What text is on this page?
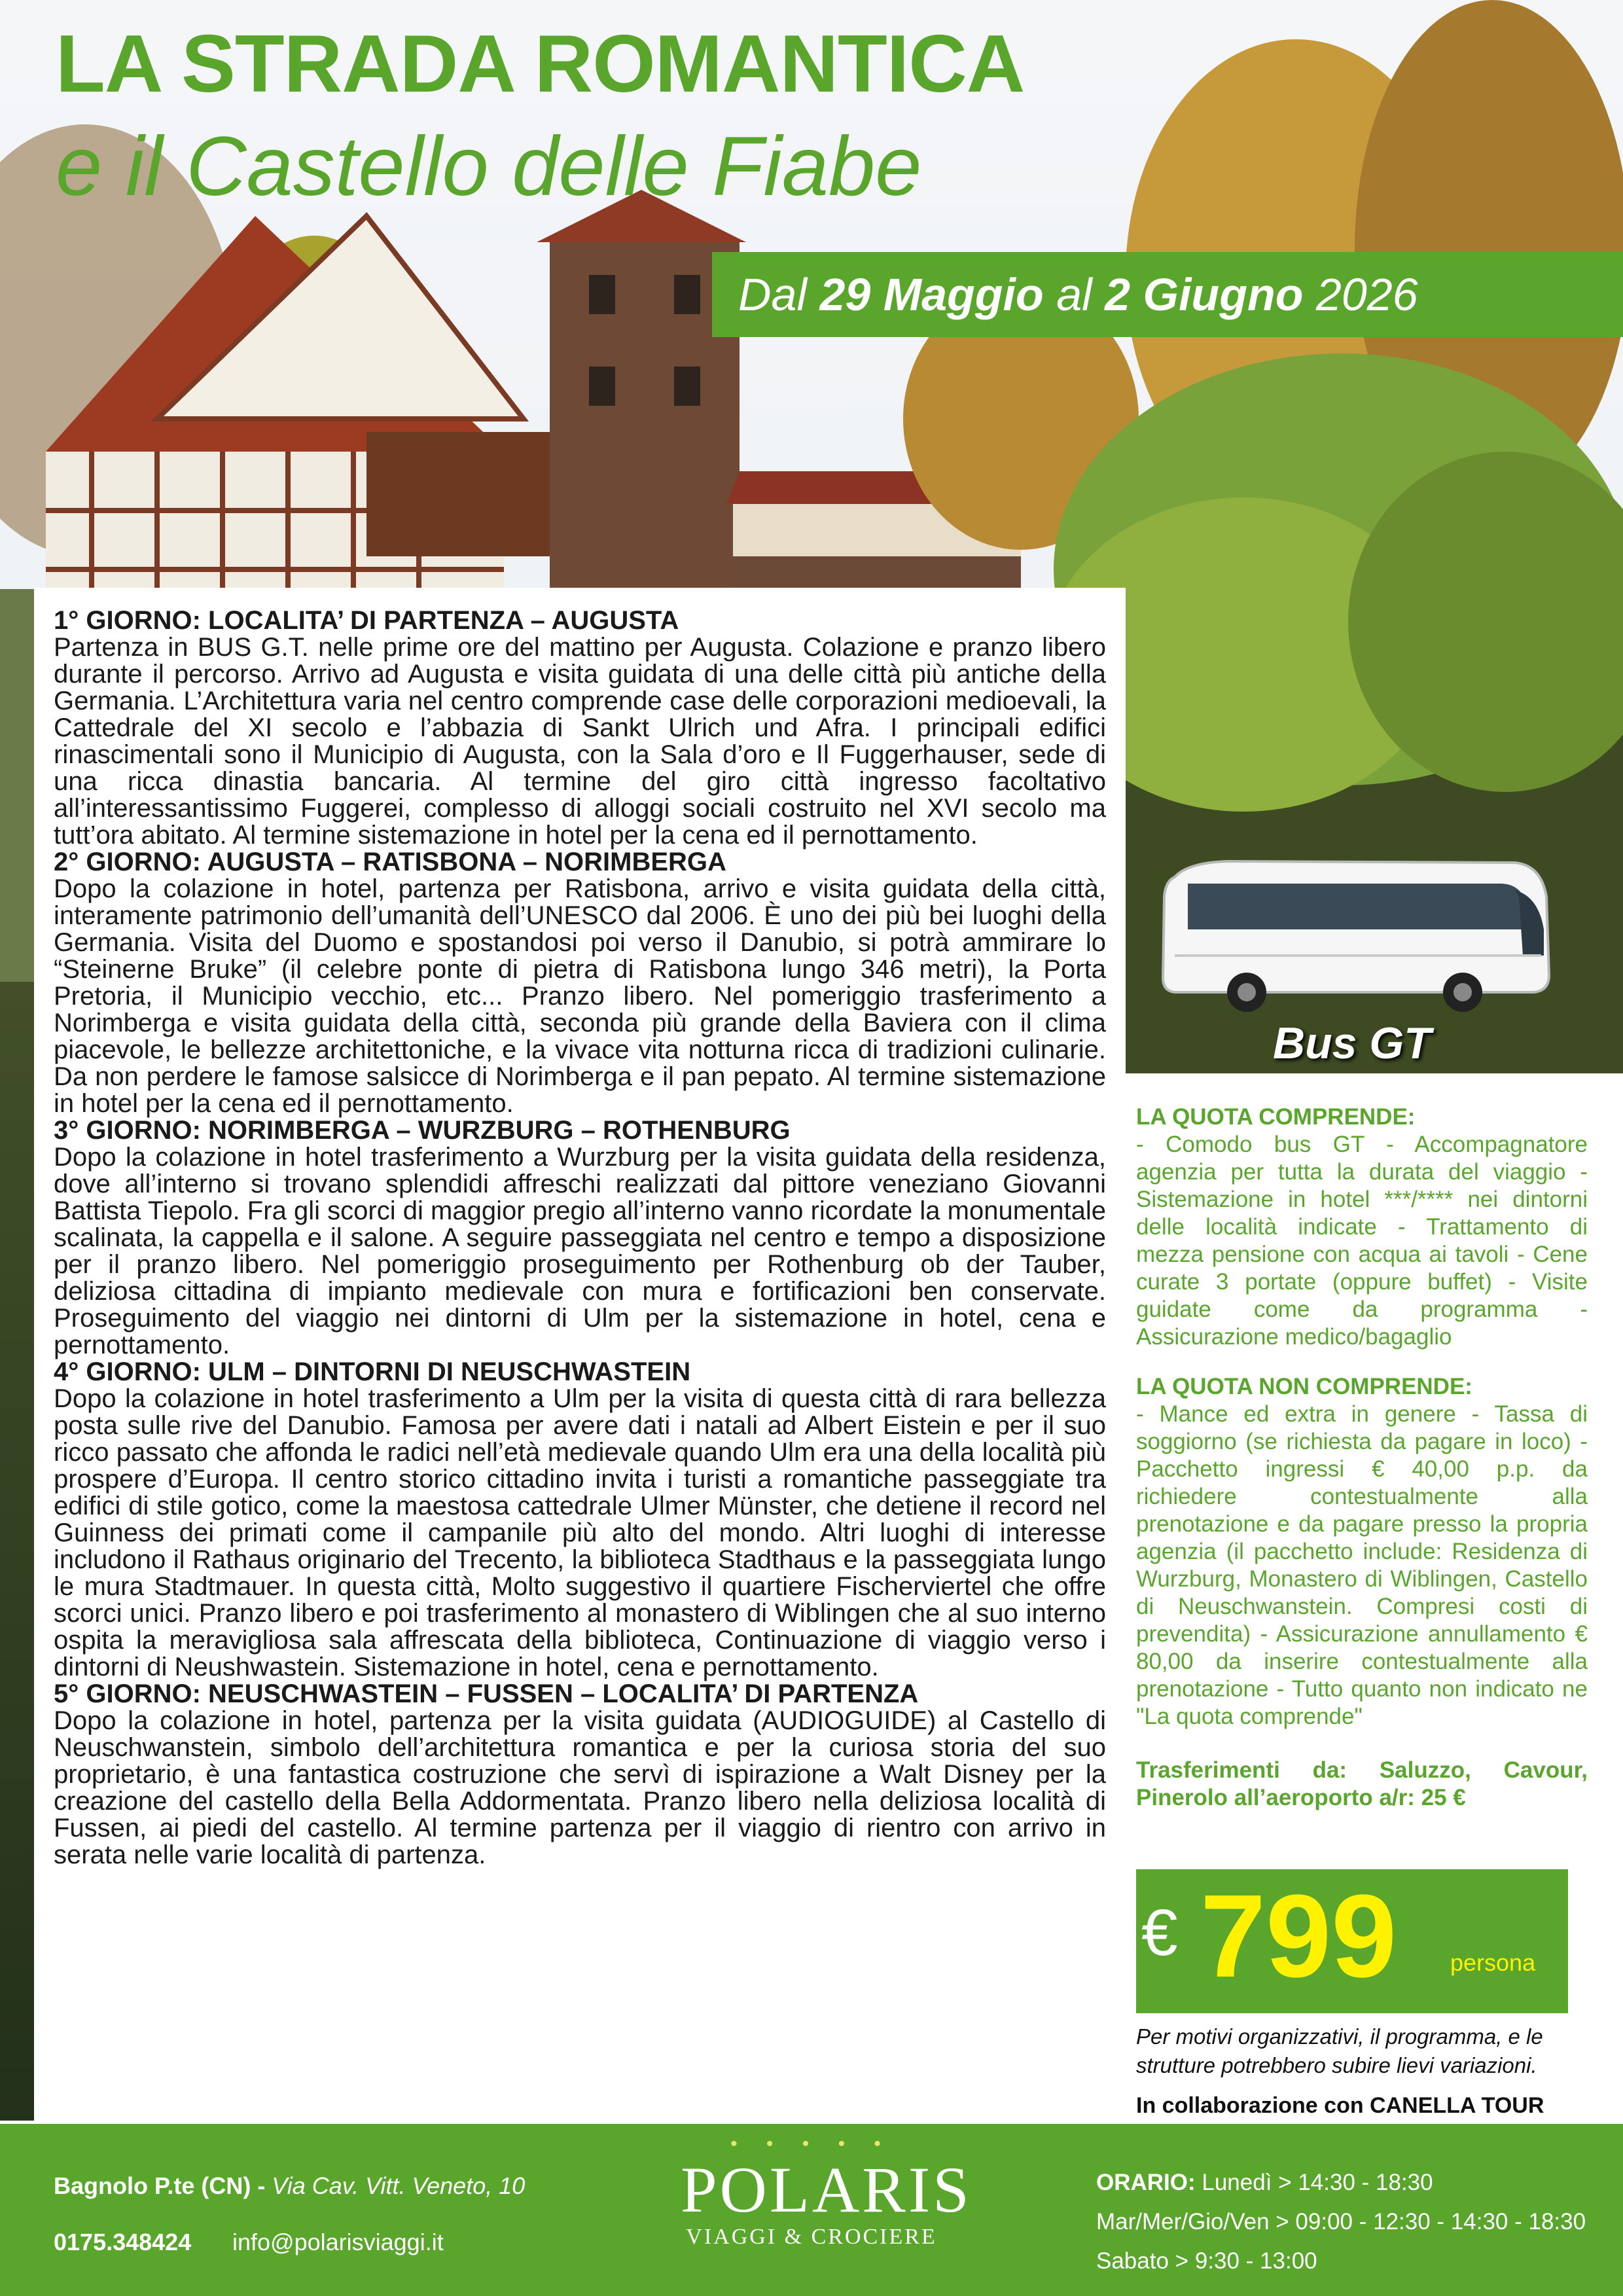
LA STRADA ROMANTICA
e il Castello delle Fiabe
Dal 29 Maggio al 2 Giugno 2026
1° GIORNO: LOCALITA’ DI PARTENZA – AUGUSTA
Partenza in BUS G.T. nelle prime ore del mattino per Augusta. Colazione e pranzo libero durante il percorso. Arrivo ad Augusta e visita guidata di una delle città più antiche della Germania. L’Architettura varia nel centro comprende case delle corporazioni medioevali, la Cattedrale del XI secolo e l’abbazia di Sankt Ulrich und Afra. I principali edifici rinascimentali sono il Municipio di Augusta, con la Sala d’oro e Il Fuggerhauser, sede di una ricca dinastia bancaria. Al termine del giro città ingresso facoltativo all’interessantissimo Fuggerei, complesso di alloggi sociali costruito nel XVI secolo ma tutt’ora abitato. Al termine sistemazione in hotel per la cena ed il pernottamento.
2° GIORNO: AUGUSTA – RATISBONA – NORIMBERGA
Dopo la colazione in hotel, partenza per Ratisbona, arrivo e visita guidata della città, interamente patrimonio dell’umanità dell’UNESCO dal 2006. È uno dei più bei luoghi della Germania. Visita del Duomo e spostandosi poi verso il Danubio, si potrà ammirare lo “Steinerne Bruke” (il celebre ponte di pietra di Ratisbona lungo 346 metri), la Porta Pretoria, il Municipio vecchio, etc... Pranzo libero. Nel pomeriggio trasferimento a Norimberga e visita guidata della città, seconda più grande della Baviera con il clima piacevole, le bellezze architettoniche, e la vivace vita notturna ricca di tradizioni culinarie. Da non perdere le famose salsicce di Norimberga e il pan pepato. Al termine sistemazione in hotel per la cena ed il pernottamento.
3° GIORNO: NORIMBERGA – WURZBURG – ROTHENBURG
Dopo la colazione in hotel trasferimento a Wurzburg per la visita guidata della residenza, dove all’interno si trovano splendidi affreschi realizzati dal pittore veneziano Giovanni Battista Tiepolo. Fra gli scorci di maggior pregio all’interno vanno ricordate la monumentale scalinata, la cappella e il salone. A seguire passeggiata nel centro e tempo a disposizione per il pranzo libero. Nel pomeriggio proseguimento per Rothenburg ob der Tauber, deliziosa cittadina di impianto medievale con mura e fortificazioni ben conservate. Proseguimento del viaggio nei dintorni di Ulm per la sistemazione in hotel, cena e pernottamento.
4° GIORNO: ULM – DINTORNI DI NEUSCHWASTEIN
Dopo la colazione in hotel trasferimento a Ulm per la visita di questa città di rara bellezza posta sulle rive del Danubio. Famosa per avere dati i natali ad Albert Eistein e per il suo ricco passato che affonda le radici nell’età medievale quando Ulm era una della località più prospere d’Europa. Il centro storico cittadino invita i turisti a romantiche passeggiate tra edifici di stile gotico, come la maestosa cattedrale Ulmer Münster, che detiene il record nel Guinness dei primati come il campanile più alto del mondo. Altri luoghi di interesse includono il Rathaus originario del Trecento, la biblioteca Stadthaus e la passeggiata lungo le mura Stadtmauer. In questa città, Molto suggestivo il quartiere Fischerviertel che offre scorci unici. Pranzo libero e poi trasferimento al monastero di Wiblingen che al suo interno ospita la meravigliosa sala affrescata della biblioteca, Continuazione di viaggio verso i dintorni di Neushwastein. Sistemazione in hotel, cena e pernottamento.
5° GIORNO: NEUSCHWASTEIN – FUSSEN – LOCALITA’ DI PARTENZA
Dopo la colazione in hotel, partenza per la visita guidata (AUDIOGUIDE) al Castello di Neuschwanstein, simbolo dell’architettura romantica e per la curiosa storia del suo proprietario, è una fantastica costruzione che servì di ispirazione a Walt Disney per la creazione del castello della Bella Addormentata. Pranzo libero nella deliziosa località di Fussen, ai piedi del castello. Al termine partenza per il viaggio di rientro con arrivo in serata nelle varie località di partenza.
Bus GT
LA QUOTA COMPRENDE:
- Comodo bus GT - Accompagnatore agenzia per tutta la durata del viaggio - Sistemazione in hotel ***/**** nei dintorni delle località indicate - Trattamento di mezza pensione con acqua ai tavoli - Cene curate 3 portate (oppure buffet) - Visite guidate come da programma - Assicurazione medico/bagaglio
LA QUOTA NON COMPRENDE:
- Mance ed extra in genere - Tassa di soggiorno (se richiesta da pagare in loco) - Pacchetto ingressi € 40,00 p.p. da richiedere contestualmente alla prenotazione e da pagare presso la propria agenzia (il pacchetto include: Residenza di Wurzburg, Monastero di Wiblingen, Castello di Neuschwanstein. Compresi costi di prevendita) - Assicurazione annullamento € 80,00 da inserire contestualmente alla prenotazione - Tutto quanto non indicato ne "La quota comprende"
Trasferimenti da: Saluzzo, Cavour, Pinerolo all’aeroporto a/r: 25 €
€ 799 persona
Per motivi organizzativi, il programma, e le strutture potrebbero subire lievi variazioni.
In collaborazione con CANELLA TOUR
Bagnolo P.te (CN) - Via Cav. Vitt. Veneto, 10
0175.348424 info@polarisviaggi.it
• • • • •
POLARIS
VIAGGI & CROCIERE
ORARIO: Lunedì > 14:30 - 18:30
Mar/Mer/Gio/Ven > 09:00 - 12:30 - 14:30 - 18:30
Sabato > 9:30 - 13:00
